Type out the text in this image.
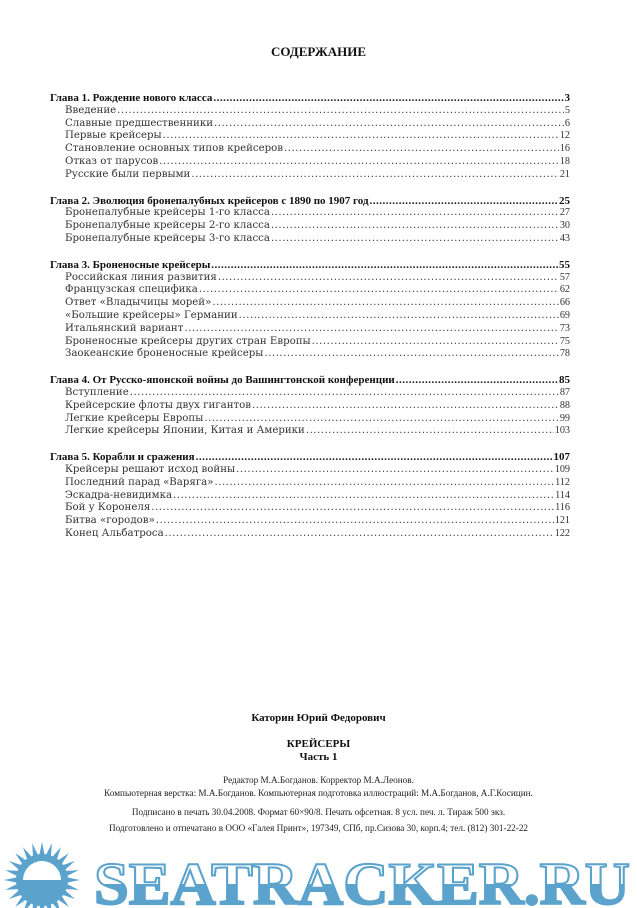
СОДЕРЖАНИЕ
Глава 1. Рождение нового класса .....	3
Введение .....	5
Славные предшественники .....	6
Первые крейсеры .....	12
Становление основных типов крейсеров .....	16
Отказ от парусов .....	18
Русские были первыми .....	21
Глава 2. Эволюция бронепалубных крейсеров с 1890 по 1907 год .....	25
Бронепалубные крейсеры 1-го класса .....	27
Бронепалубные крейсеры 2-го класса .....	30
Бронепалубные крейсеры 3-го класса .....	43
Глава 3. Броненосные крейсеры .....	55
Российская линия развития .....	57
Французская специфика .....	62
Ответ «Владычицы морей» .....	66
«Большие крейсеры» Германии .....	69
Итальянский вариант .....	73
Броненосные крейсеры других стран Европы .....	75
Заокеанские броненосные крейсеры .....	78
Глава 4. От Русско-японской войны до Вашингтонской конференции .....	85
Вступление .....	87
Крейсерские флоты двух гигантов .....	88
Легкие крейсеры Европы .....	99
Легкие крейсеры Японии, Китая и Америки .....	103
Глава 5. Корабли и сражения .....	107
Крейсеры решают исход войны .....	109
Последний парад «Варяга» .....	112
Эскадра-невидимка .....	114
Бой у Коронеля .....	116
Битва «городов» .....	121
Конец Альбатроса .....	122
Каторин Юрий Федорович
КРЕЙСЕРЫ
Часть 1
Редактор М.А.Богданов. Корректор М.А.Леонов.
Компьютерная верстка: М.А.Богданов. Компьютерная подготовка иллюстраций: М.А.Богданов, А.Г.Косицин.
Подписано в печать 30.04.2008. Формат 60×90/8. Печать офсетная. 8 усл. печ. л. Тираж 500 экз.
Подготовлено и отпечатано в ООО «Галея Принт», 197349, СПб, пр.Сизова 30, корп.4; тел. (812) 301-22-22
SEATRACKER.RU
